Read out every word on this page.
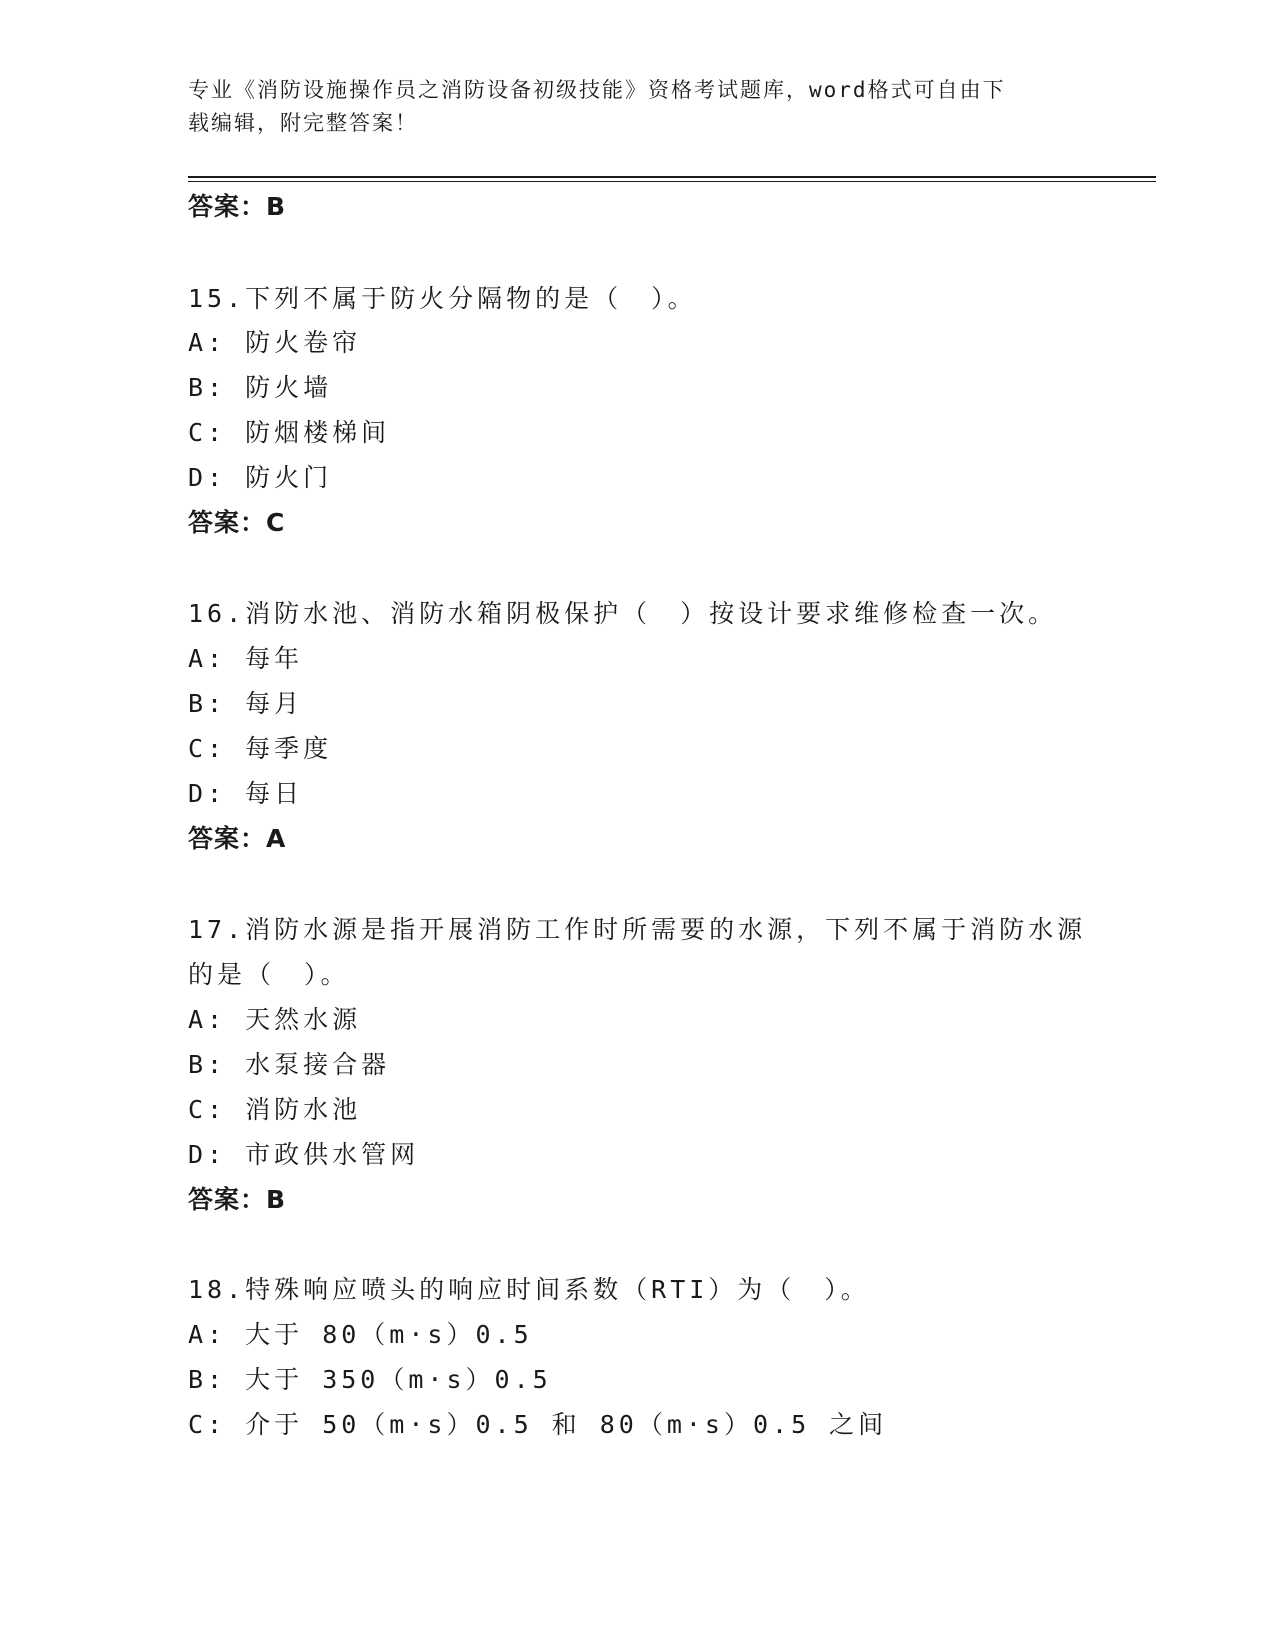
专业《消防设施操作员之消防设备初级技能》资格考试题库，word格式可自由下
载编辑，附完整答案！
答案：B
15.下列不属于防火分隔物的是（　）。
A: 防火卷帘
B: 防火墙
C: 防烟楼梯间
D: 防火门
答案：C
16.消防水池、消防水箱阴极保护（　）按设计要求维修检查一次。
A: 每年
B: 每月
C: 每季度
D: 每日
答案：A
17.消防水源是指开展消防工作时所需要的水源，下列不属于消防水源
的是（　）。
A: 天然水源
B: 水泵接合器
C: 消防水池
D: 市政供水管网
答案：B
18.特殊响应喷头的响应时间系数（RTI）为（　）。
A: 大于 80（m·s）0.5
B: 大于 350（m·s）0.5
C: 介于 50（m·s）0.5 和 80（m·s）0.5 之间
